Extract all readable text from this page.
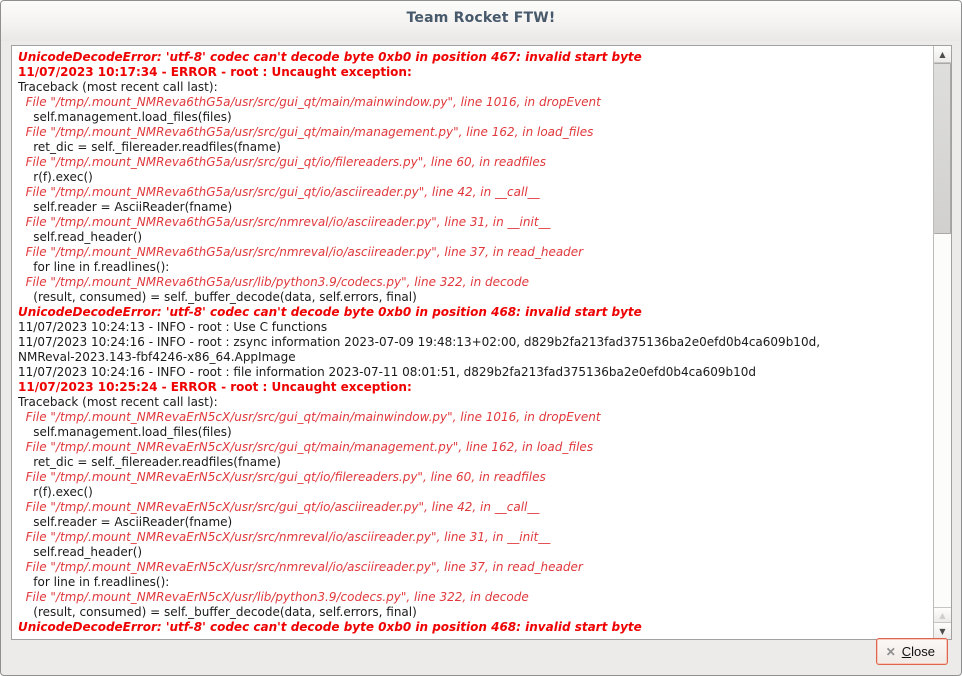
Team Rocket FTW!
UnicodeDecodeError: 'utf-8' codec can't decode byte 0xb0 in position 467: invalid start byte
11/07/2023 10:17:34 - ERROR - root : Uncaught exception:
Traceback (most recent call last):
File "/tmp/.mount_NMReva6thG5a/usr/src/gui_qt/main/mainwindow.py", line 1016, in dropEvent
self.management.load_files(files)
File "/tmp/.mount_NMReva6thG5a/usr/src/gui_qt/main/management.py", line 162, in load_files
ret_dic = self._filereader.readfiles(fname)
File "/tmp/.mount_NMReva6thG5a/usr/src/gui_qt/io/filereaders.py", line 60, in readfiles
r(f).exec()
File "/tmp/.mount_NMReva6thG5a/usr/src/gui_qt/io/asciireader.py", line 42, in __call__
self.reader = AsciiReader(fname)
File "/tmp/.mount_NMReva6thG5a/usr/src/nmreval/io/asciireader.py", line 31, in __init__
self.read_header()
File "/tmp/.mount_NMReva6thG5a/usr/src/nmreval/io/asciireader.py", line 37, in read_header
for line in f.readlines():
File "/tmp/.mount_NMReva6thG5a/usr/lib/python3.9/codecs.py", line 322, in decode
(result, consumed) = self._buffer_decode(data, self.errors, final)
UnicodeDecodeError: 'utf-8' codec can't decode byte 0xb0 in position 468: invalid start byte
11/07/2023 10:24:13 - INFO - root : Use C functions
11/07/2023 10:24:16 - INFO - root : zsync information 2023-07-09 19:48:13+02:00, d829b2fa213fad375136ba2e0efd0b4ca609b10d,
NMReval-2023.143-fbf4246-x86_64.AppImage
11/07/2023 10:24:16 - INFO - root : file information 2023-07-11 08:01:51, d829b2fa213fad375136ba2e0efd0b4ca609b10d
11/07/2023 10:25:24 - ERROR - root : Uncaught exception:
Traceback (most recent call last):
File "/tmp/.mount_NMRevaErN5cX/usr/src/gui_qt/main/mainwindow.py", line 1016, in dropEvent
self.management.load_files(files)
File "/tmp/.mount_NMRevaErN5cX/usr/src/gui_qt/main/management.py", line 162, in load_files
ret_dic = self._filereader.readfiles(fname)
File "/tmp/.mount_NMRevaErN5cX/usr/src/gui_qt/io/filereaders.py", line 60, in readfiles
r(f).exec()
File "/tmp/.mount_NMRevaErN5cX/usr/src/gui_qt/io/asciireader.py", line 42, in __call__
self.reader = AsciiReader(fname)
File "/tmp/.mount_NMRevaErN5cX/usr/src/nmreval/io/asciireader.py", line 31, in __init__
self.read_header()
File "/tmp/.mount_NMRevaErN5cX/usr/src/nmreval/io/asciireader.py", line 37, in read_header
for line in f.readlines():
File "/tmp/.mount_NMRevaErN5cX/usr/lib/python3.9/codecs.py", line 322, in decode
(result, consumed) = self._buffer_decode(data, self.errors, final)
UnicodeDecodeError: 'utf-8' codec can't decode byte 0xb0 in position 468: invalid start byte
▲
▲
▼
✕ Close
